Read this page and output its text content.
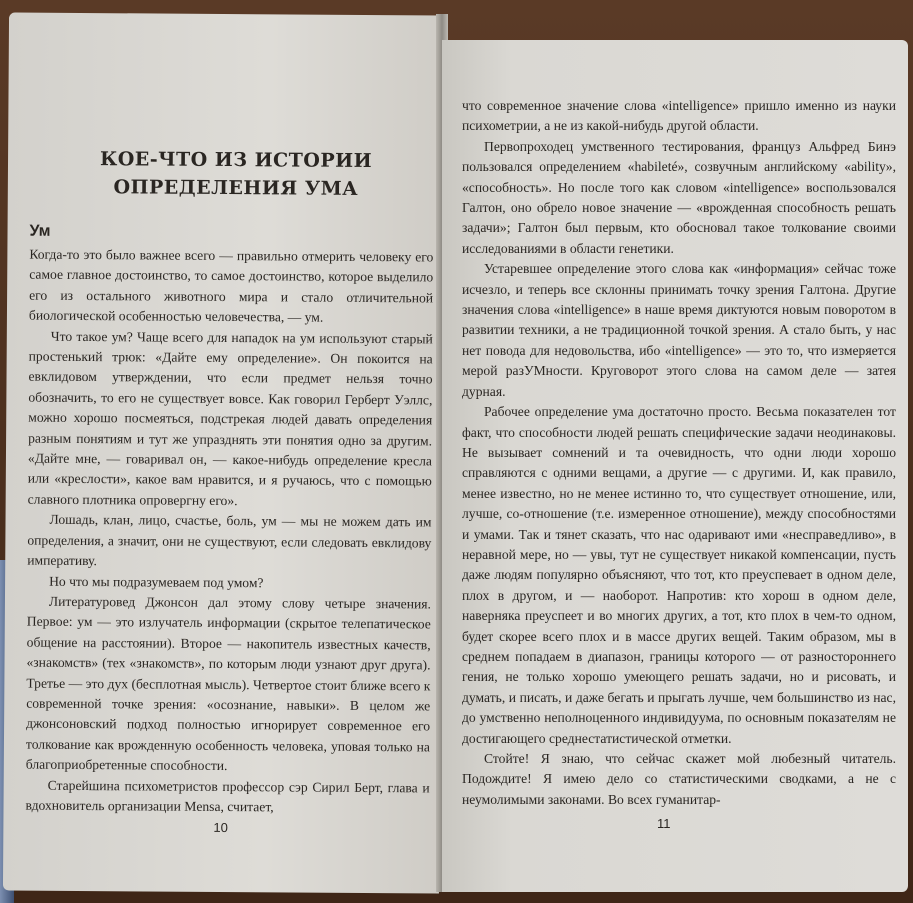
КОЕ-ЧТО ИЗ ИСТОРИИ
ОПРЕДЕЛЕНИЯ УМА
Ум

Когда-то это было важнее всего — правильно отмерить человеку его самое главное достоинство, то самое достоинство, которое выделило его из остального животного мира и стало отличительной биологической особенностью человечества, — ум.

Что такое ум? Чаще всего для нападок на ум используют старый простенький трюк: «Дайте ему определение». Он покоится на евклидовом утверждении, что если предмет нельзя точно обозначить, то его не существует вовсе. Как говорил Герберт Уэллс, можно хорошо посмеяться, подстрекая людей давать определения разным понятиям и тут же упразднять эти понятия одно за другим. «Дайте мне, — говаривал он, — какое-нибудь определение кресла или «креслости», какое вам нравится, и я ручаюсь, что с помощью славного плотника опровергну его».

Лошадь, клан, лицо, счастье, боль, ум — мы не можем дать им определения, а значит, они не существуют, если следовать евклидову императиву.

Но что мы подразумеваем под умом?

Литературовед Джонсон дал этому слову четыре значения. Первое: ум — это излучатель информации (скрытое телепатическое общение на расстоянии). Второе — накопитель известных качеств, «знакомств» (тех «знакомств», по которым люди узнают друг друга). Третье — это дух (бесплотная мысль). Четвертое стоит ближе всего к современной точке зрения: «осознание, навыки». В целом же джонсоновский подход полностью игнорирует современное его толкование как врожденную особенность человека, уповая только на благоприобретенные способности.

Старейшина психометристов профессор сэр Сирил Берт, глава и вдохновитель организации Mensa, считает,

10

что современное значение слова «intelligence» пришло именно из науки психометрии, а не из какой-нибудь другой области.

Первопроходец умственного тестирования, француз Альфред Бинэ пользовался определением «habileté», созвучным английскому «ability», «способность». Но после того как словом «intelligence» воспользовался Галтон, оно обрело новое значение — «врожденная способность решать задачи»; Галтон был первым, кто обосновал такое толкование своими исследованиями в области генетики.

Устаревшее определение этого слова как «информация» сейчас тоже исчезло, и теперь все склонны принимать точку зрения Галтона. Другие значения слова «intelligence» в наше время диктуются новым поворотом в развитии техники, а не традиционной точкой зрения. А стало быть, у нас нет повода для недовольства, ибо «intelligence» — это то, что измеряется мерой разУМности. Круговорот этого слова на самом деле — затея дурная.

Рабочее определение ума достаточно просто. Весьма показателен тот факт, что способности людей решать специфические задачи неодинаковы. Не вызывает сомнений и та очевидность, что одни люди хорошо справляются с одними вещами, а другие — с другими. И, как правило, менее известно, но не менее истинно то, что существует отношение, или, лучше, со-отношение (т.е. измеренное отношение), между способностями и умами. Так и тянет сказать, что нас одаривают ими «несправедливо», в неравной мере, но — увы, тут не существует никакой компенсации, пусть даже людям популярно объясняют, что тот, кто преуспевает в одном деле, плох в другом, и — наоборот. Напротив: кто хорош в одном деле, наверняка преуспеет и во многих других, а тот, кто плох в чем-то одном, будет скорее всего плох и в массе других вещей. Таким образом, мы в среднем попадаем в диапазон, границы которого — от разностороннего гения, не только хорошо умеющего решать задачи, но и рисовать, и думать, и писать, и даже бегать и прыгать лучше, чем большинство из нас, до умственно неполноценного индивидуума, по основным показателям не достигающего среднестатистической отметки.

Стойте! Я знаю, что сейчас скажет мой любезный читатель. Подождите! Я имею дело со статистическими сводками, а не с неумолимыми законами. Во всех гуманитар-

11
